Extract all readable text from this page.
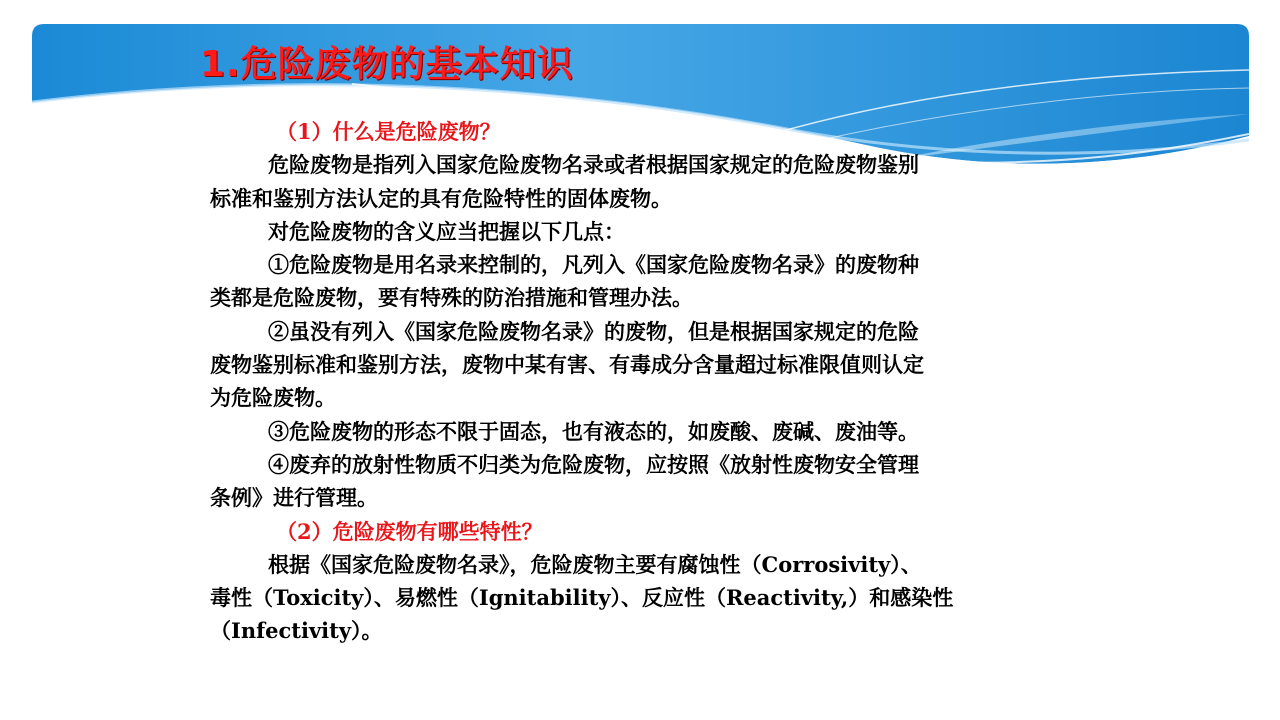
1.危险废物的基本知识

（1）什么是危险废物？

危险废物是指列入国家危险废物名录或者根据国家规定的危险废物鉴别
标准和鉴别方法认定的具有危险特性的固体废物。

对危险废物的含义应当把握以下几点：

①危险废物是用名录来控制的，凡列入《国家危险废物名录》的废物种
类都是危险废物，要有特殊的防治措施和管理办法。

②虽没有列入《国家危险废物名录》的废物，但是根据国家规定的危险
废物鉴别标准和鉴别方法，废物中某有害、有毒成分含量超过标准限值则认定
为危险废物。

③危险废物的形态不限于固态，也有液态的，如废酸、废碱、废油等。

④废弃的放射性物质不归类为危险废物，应按照《放射性废物安全管理
条例》进行管理。

（2）危险废物有哪些特性？

根据《国家危险废物名录》，危险废物主要有腐蚀性（Corrosivity）、
毒性（Toxicity）、易燃性（Ignitability）、反应性（Reactivity,）和感染性
（Infectivity）。
